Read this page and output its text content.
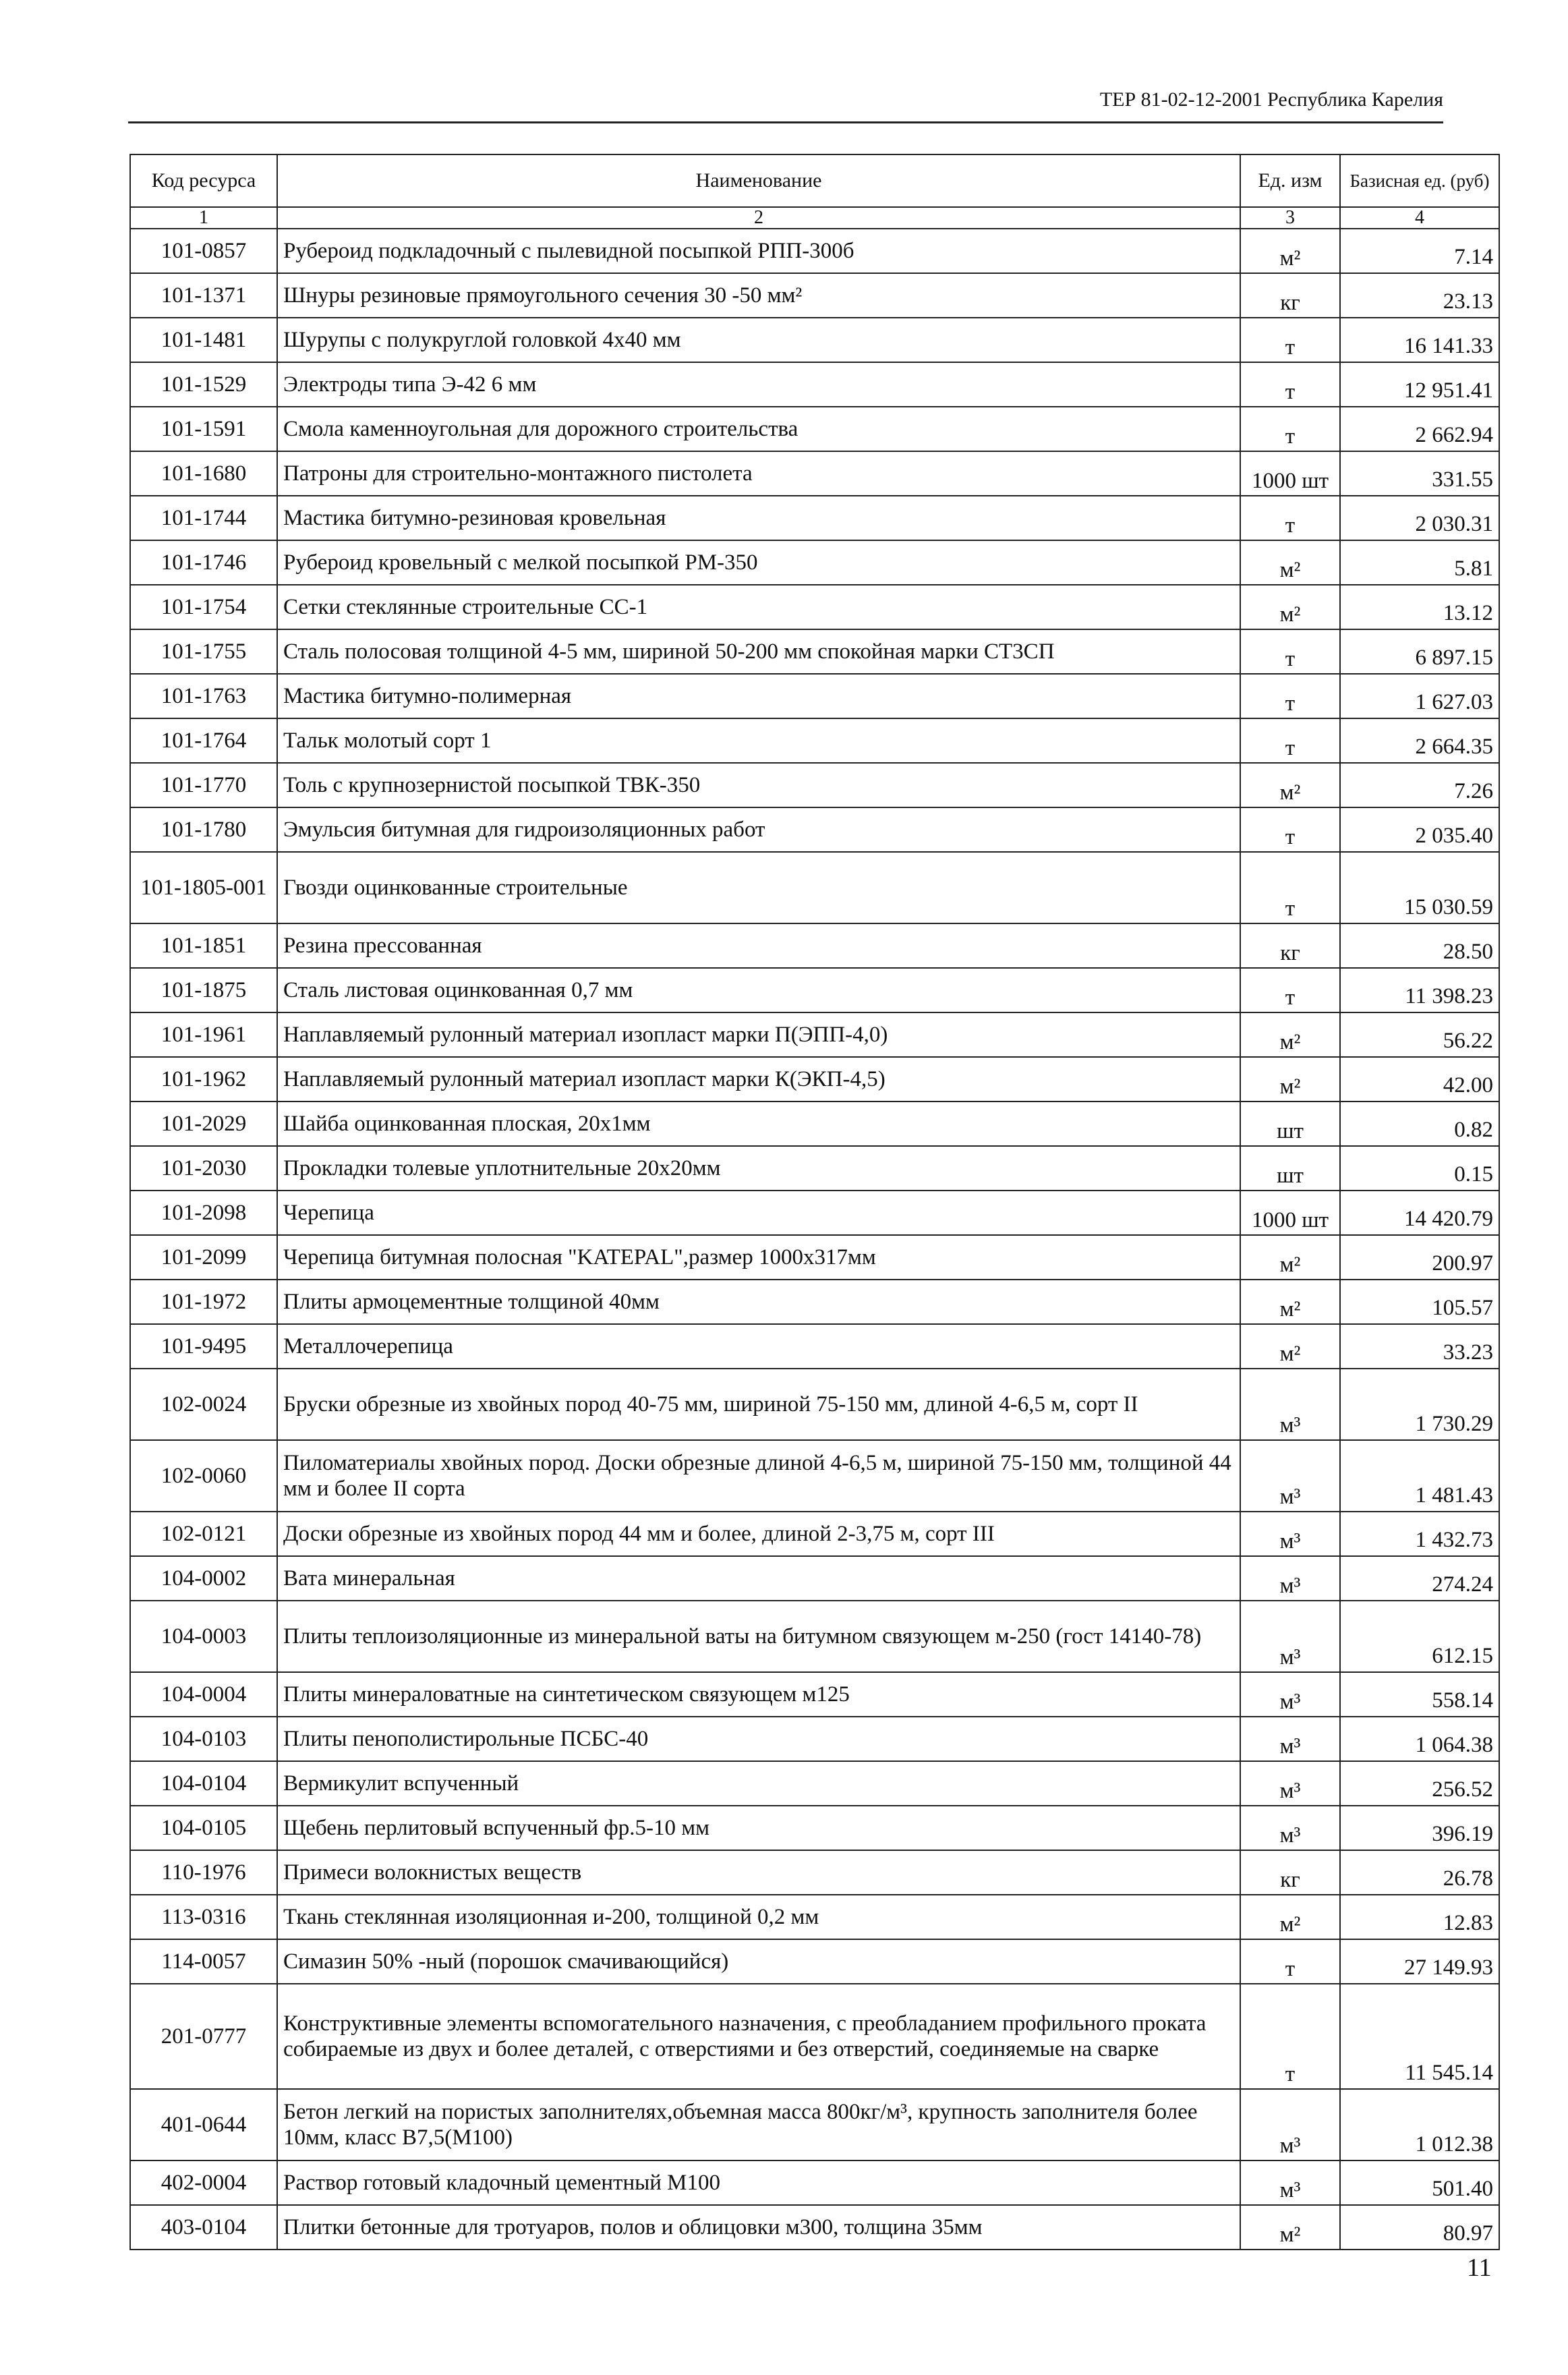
ТЕР 81-02-12-2001 Республика Карелия
Код ресурса	Наименование	Ед. изм	Базисная ед. (руб)
1	2	3	4
101-0857	Рубероид подкладочный с пылевидной посыпкой РПП-300б	м²	7.14
101-1371	Шнуры резиновые прямоугольного сечения 30 -50 мм²	кг	23.13
101-1481	Шурупы с полукруглой головкой 4х40 мм	т	16 141.33
101-1529	Электроды типа Э-42 6 мм	т	12 951.41
101-1591	Смола каменноугольная для дорожного строительства	т	2 662.94
101-1680	Патроны для строительно-монтажного пистолета	1000 шт	331.55
101-1744	Мастика битумно-резиновая кровельная	т	2 030.31
101-1746	Рубероид кровельный с мелкой посыпкой РМ-350	м²	5.81
101-1754	Сетки стеклянные строительные СС-1	м²	13.12
101-1755	Сталь полосовая толщиной 4-5 мм, шириной 50-200 мм спокойная марки СТ3СП	т	6 897.15
101-1763	Мастика битумно-полимерная	т	1 627.03
101-1764	Тальк молотый сорт 1	т	2 664.35
101-1770	Толь с крупнозернистой посыпкой ТВК-350	м²	7.26
101-1780	Эмульсия битумная для гидроизоляционных работ	т	2 035.40
101-1805-001	Гвозди оцинкованные строительные	т	15 030.59
101-1851	Резина прессованная	кг	28.50
101-1875	Сталь листовая оцинкованная 0,7 мм	т	11 398.23
101-1961	Наплавляемый рулонный материал изопласт марки П(ЭПП-4,0)	м²	56.22
101-1962	Наплавляемый рулонный материал изопласт марки К(ЭКП-4,5)	м²	42.00
101-2029	Шайба оцинкованная плоская, 20х1мм	шт	0.82
101-2030	Прокладки толевые уплотнительные 20х20мм	шт	0.15
101-2098	Черепица	1000 шт	14 420.79
101-2099	Черепица битумная полосная "KATEPAL",размер 1000х317мм	м²	200.97
101-1972	Плиты армоцементные толщиной 40мм	м²	105.57
101-9495	Металлочерепица	м²	33.23
102-0024	Бруски обрезные из хвойных пород 40-75 мм, шириной 75-150 мм, длиной 4-6,5 м, сорт II	м³	1 730.29
102-0060	Пиломатериалы хвойных пород. Доски обрезные длиной 4-6,5 м, шириной 75-150 мм, толщиной 44 мм и более II сорта	м³	1 481.43
102-0121	Доски обрезные из хвойных пород 44 мм и более, длиной 2-3,75 м, сорт III	м³	1 432.73
104-0002	Вата минеральная	м³	274.24
104-0003	Плиты теплоизоляционные из минеральной ваты на битумном связующем м-250 (гост 14140-78)	м³	612.15
104-0004	Плиты минераловатные на синтетическом связующем м125	м³	558.14
104-0103	Плиты пенополистирольные ПСБС-40	м³	1 064.38
104-0104	Вермикулит вспученный	м³	256.52
104-0105	Щебень перлитовый вспученный фр.5-10 мм	м³	396.19
110-1976	Примеси волокнистых веществ	кг	26.78
113-0316	Ткань стеклянная изоляционная и-200, толщиной 0,2 мм	м²	12.83
114-0057	Симазин 50% -ный (порошок смачивающийся)	т	27 149.93
201-0777	Конструктивные элементы вспомогательного назначения, с преобладанием профильного проката собираемые из двух и более деталей, с отверстиями и без отверстий, соединяемые на сварке	т	11 545.14
401-0644	Бетон легкий на пористых заполнителях,объемная масса 800кг/м³, крупность заполнителя более 10мм, класс В7,5(М100)	м³	1 012.38
402-0004	Раствор готовый кладочный цементный М100	м³	501.40
403-0104	Плитки бетонные для тротуаров, полов и облицовки м300, толщина 35мм	м²	80.97
11
